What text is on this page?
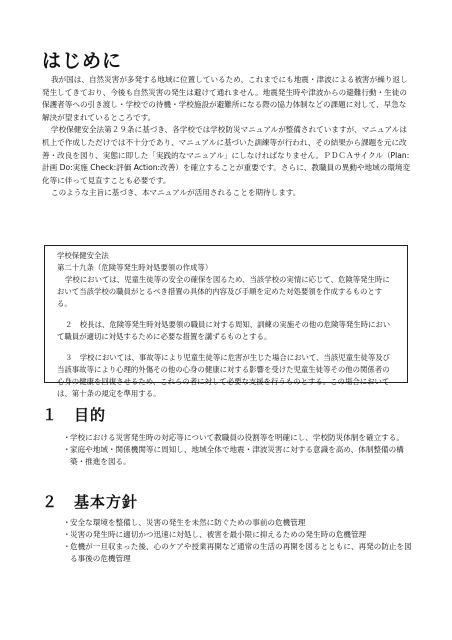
はじめに

我が国は、自然災害が多発する地域に位置しているため、これまでにも地震・津波による被害が繰り返し発生してきており、今後も自然災害の発生は避けて通れません。地震発生時や津波からの避難行動・生徒の保護者等への引き渡し・学校での待機・学校施設が避難所になる際の協力体制などの課題に対して、早急な解決が望まれているところです。

学校保健安全法第２９条に基づき、各学校では学校防災マニュアルが整備されていますが、マニュアルは机上で作成しただけでは不十分であり、マニュアルに基づいた訓練等が行われ、その結果から課題を元に改善・改良を図り、実態に即した「実践的なマニュアル」にしなければなりません。ＰＤＣＡサイクル（Plan:計画 Do:実施 Check:評価 Action:改善）を確立することが重要です。さらに、教職員の異動や地域の環境変化等に伴って見直すことも必要です。

このような主旨に基づき、本マニュアルが活用されることを期待します。

学校保健安全法

第二十九条（危険等発生時対処要領の作成等）

学校においては、児童生徒等の安全の確保を図るため、当該学校の実情に応じて、危険等発生時において当該学校の職員がとるべき措置の具体的内容及び手順を定めた対処要領を作成するものとする。

２　校長は、危険等発生時対処要領の職員に対する周知、訓練の実施その他の危険等発生時において職員が適切に対処するために必要な措置を講ずるものとする。

３　学校においては、事故等により児童生徒等に危害が生じた場合において、当該児童生徒等及び当該事故等により心理的外傷その他の心身の健康に対する影響を受けた児童生徒等その他の関係者の心身の健康を回復させるため、これらの者に対して必要な支援を行うものとする。この場合においては、第十条の規定を準用する。

１　目的
・ 学校における災害発生時の対応等について教職員の役割等を明確にし、学校防災体制を確立する。
・ 家庭や地域・関係機関等に周知し、地域全体で地震・津波災害に対する意識を高め、体制整備の構築・推進を図る。
２　基本方針
・ 安全な環境を整備し、災害の発生を未然に防ぐための事前の危機管理
・ 災害の発生時に適切かつ迅速に対処し、被害を最小限に抑えるための発生時の危機管理
・ 危機が一旦収まった後、心のケアや授業再開など通常の生活の再開を図るとともに、再発の防止を図る事後の危機管理
